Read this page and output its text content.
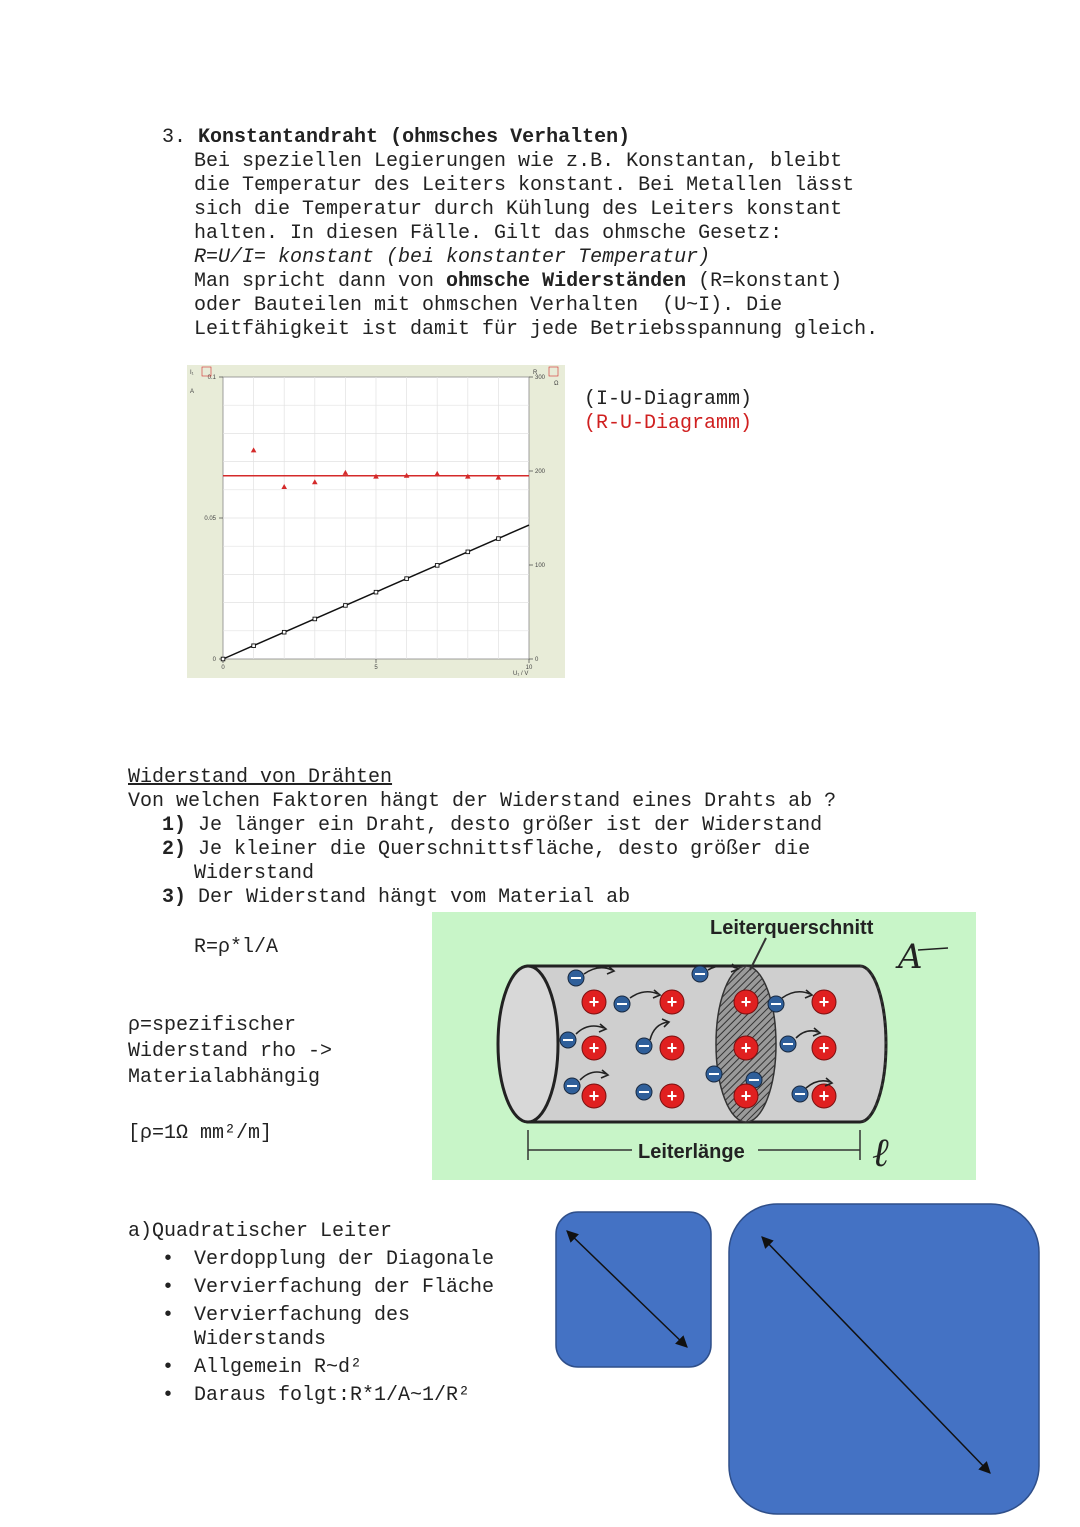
3. Konstantandraht (ohmsches Verhalten)

Bei speziellen Legierungen wie z.B. Konstantan, bleibt

die Temperatur des Leiters konstant. Bei Metallen lässt

sich die Temperatur durch Kühlung des Leiters konstant

halten. In diesen Fälle. Gilt das ohmsche Gesetz:

R=U/I= konstant (bei konstanter Temperatur)

Man spricht dann von ohmsche Widerständen (R=konstant)

oder Bauteilen mit ohmschen Verhalten  (U~I). Die

Leitfähigkeit ist damit für jede Betriebsspannung gleich.

0
0.05
0.1
0
100
200
300
0	5	10
I₁
A
R
Ω
U₁ / V

(I-U-Diagramm)

(R-U-Diagramm)

Widerstand von Drähten

Von welchen Faktoren hängt der Widerstand eines Drahts ab ?

1) Je länger ein Draht, desto größer ist der Widerstand

2) Je kleiner die Querschnittsfläche, desto größer die

Widerstand

3) Der Widerstand hängt vom Material ab

R=ρ*l/A

ρ=spezifischer

Widerstand rho ->

Materialabhängig

[ρ=1Ω mm²/m]
Leiterquerschnitt
Leiterlänge
A
ℓ
+	+	+	+
+	+	+	+
+	+	+	+

a)Quadratischer Leiter

• Verdopplung der Diagonale

• Vervierfachung der Fläche

• Vervierfachung des

Widerstands

• Allgemein R~d²

• Daraus folgt:R*1/A~1/R²
